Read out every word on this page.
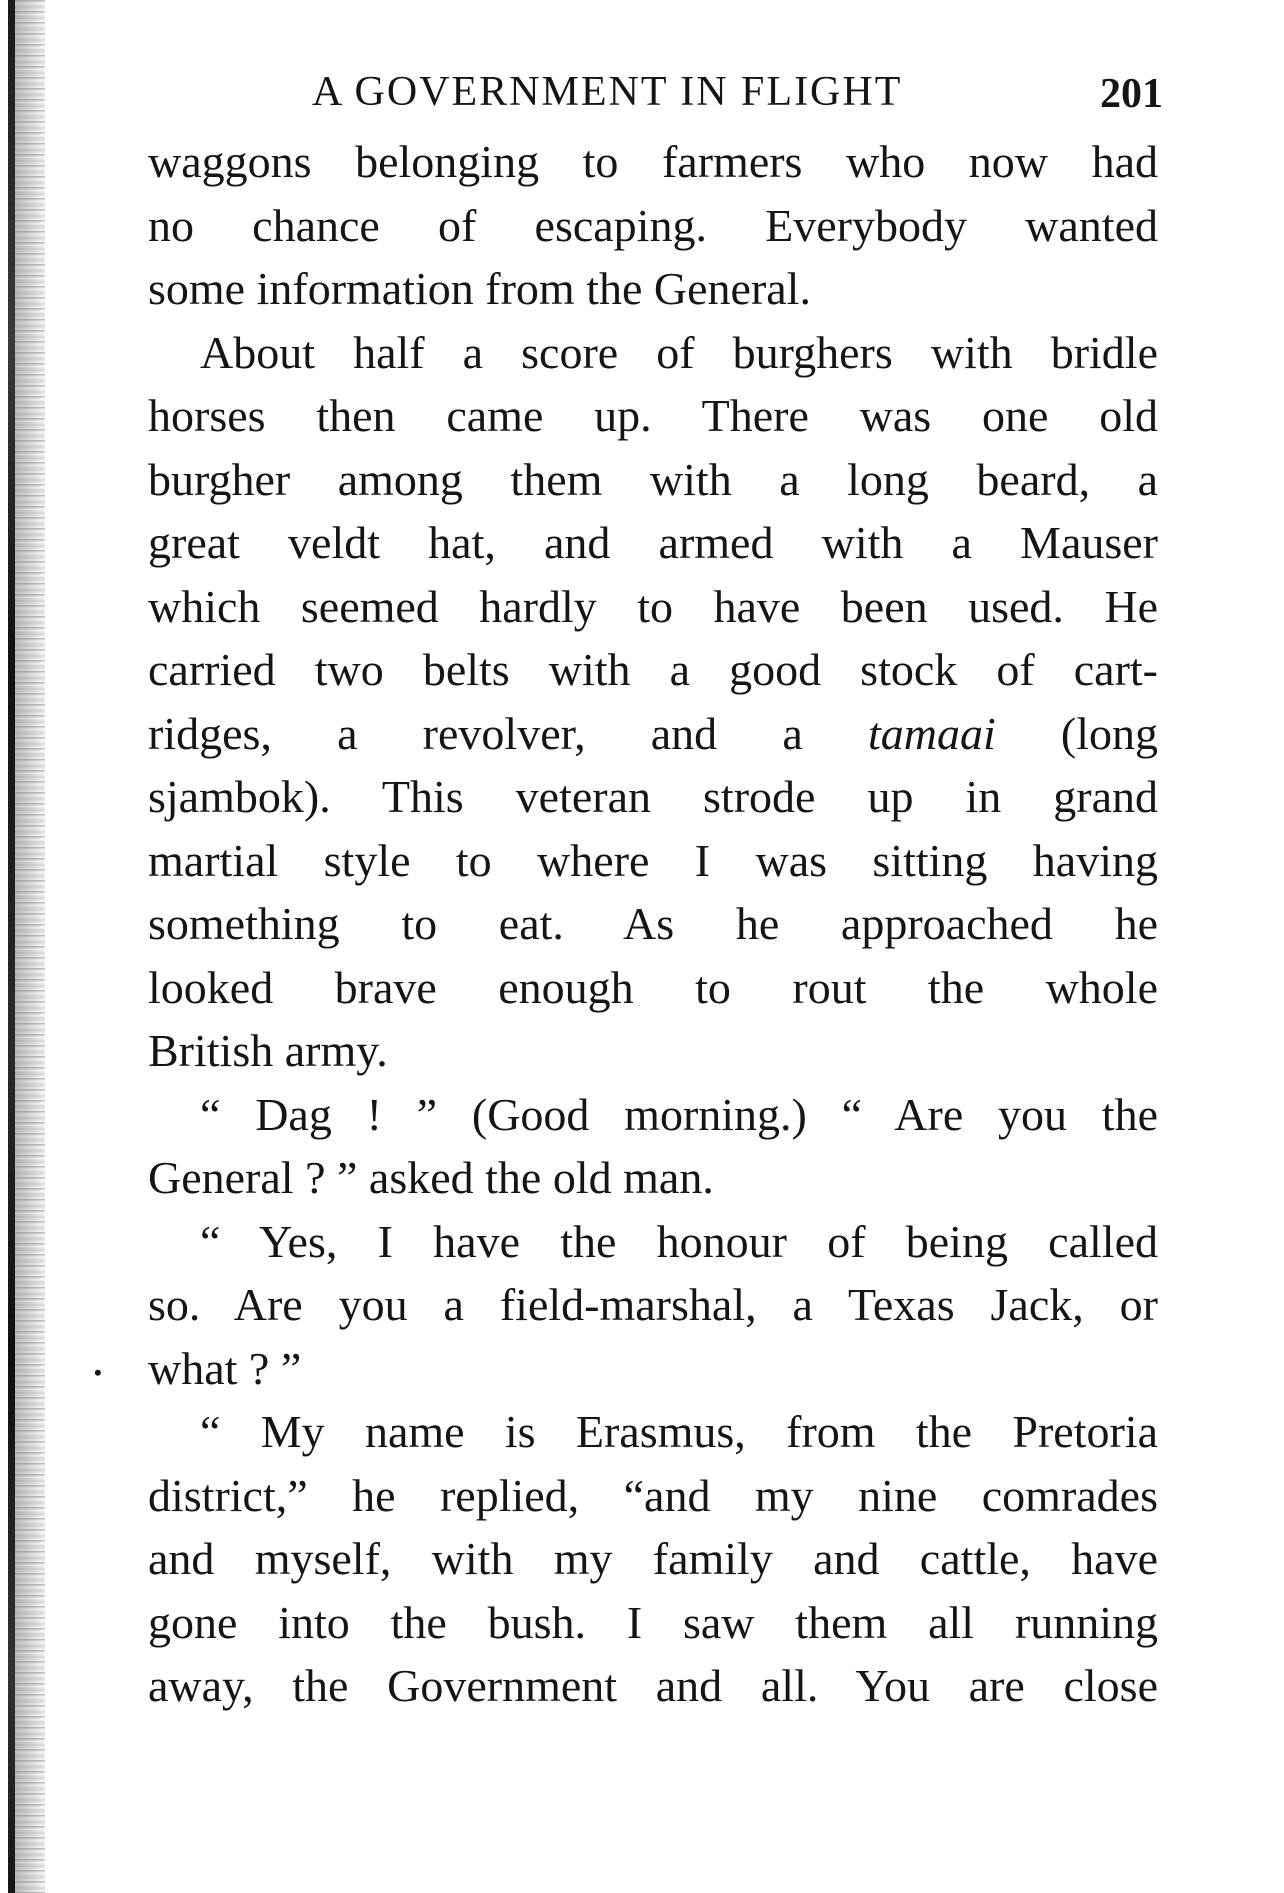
A GOVERNMENT IN FLIGHT	201
waggons belonging to farmers who now had
no chance of escaping. Everybody wanted
some information from the General.
About half a score of burghers with bridle
horses then came up. There was one old
burgher among them with a long beard, a
great veldt hat, and armed with a Mauser
which seemed hardly to have been used. He
carried two belts with a good stock of cart-
ridges, a revolver, and a tamaai (long
sjambok). This veteran strode up in grand
martial style to where I was sitting having
something to eat. As he approached he
looked brave enough to rout the whole
British army.
“ Dag ! ” (Good morning.) “ Are you the
General ? ” asked the old man.
“ Yes, I have the honour of being called
so. Are you a field-marshal, a Texas Jack, or
what ? ”
“ My name is Erasmus, from the Pretoria
district,” he replied, “and my nine comrades
and myself, with my family and cattle, have
gone into the bush. I saw them all running
away, the Government and all. You are close
•
